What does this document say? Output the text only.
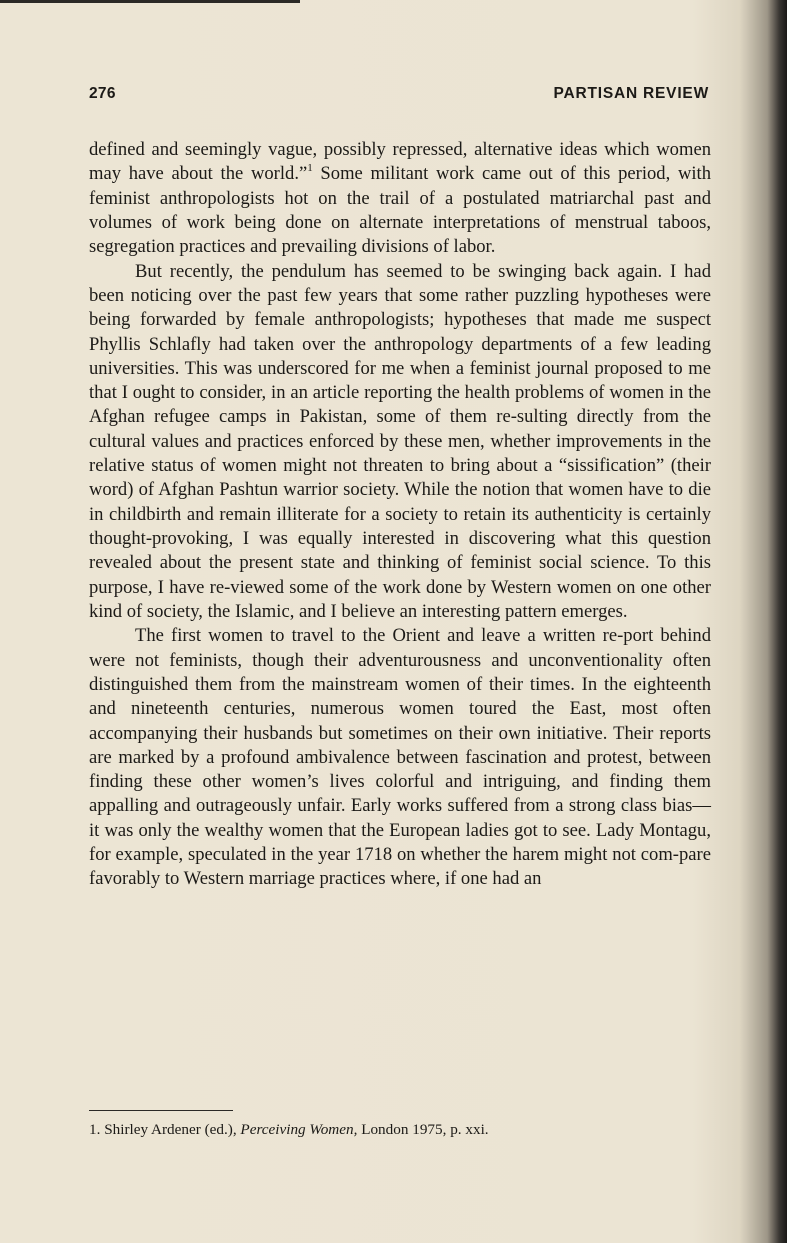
276	PARTISAN REVIEW

defined and seemingly vague, possibly repressed, alternative ideas which women may have about the world.”$^1$ Some militant work came out of this period, with feminist anthropologists hot on the trail of a postulated matriarchal past and volumes of work being done on alternate interpretations of menstrual taboos, segregation practices and prevailing divisions of labor.

But recently, the pendulum has seemed to be swinging back again. I had been noticing over the past few years that some rather puzzling hypotheses were being forwarded by female anthropologists; hypotheses that made me suspect Phyllis Schlafly had taken over the anthropology departments of a few leading universities. This was underscored for me when a feminist journal proposed to me that I ought to consider, in an article reporting the health problems of women in the Afghan refugee camps in Pakistan, some of them re-sulting directly from the cultural values and practices enforced by these men, whether improvements in the relative status of women might not threaten to bring about a “sissification” (their word) of Afghan Pashtun warrior society. While the notion that women have to die in childbirth and remain illiterate for a society to retain its authenticity is certainly thought-provoking, I was equally interested in discovering what this question revealed about the present state and thinking of feminist social science. To this purpose, I have re-viewed some of the work done by Western women on one other kind of society, the Islamic, and I believe an interesting pattern emerges.

The first women to travel to the Orient and leave a written re-port behind were not feminists, though their adventurousness and unconventionality often distinguished them from the mainstream women of their times. In the eighteenth and nineteenth centuries, numerous women toured the East, most often accompanying their husbands but sometimes on their own initiative. Their reports are marked by a profound ambivalence between fascination and protest, between finding these other women’s lives colorful and intriguing, and finding them appalling and outrageously unfair. Early works suffered from a strong class bias—it was only the wealthy women that the European ladies got to see. Lady Montagu, for example, speculated in the year 1718 on whether the harem might not com-pare favorably to Western marriage practices where, if one had an

1. Shirley Ardener (ed.), Perceiving Women, London 1975, p. xxi.
